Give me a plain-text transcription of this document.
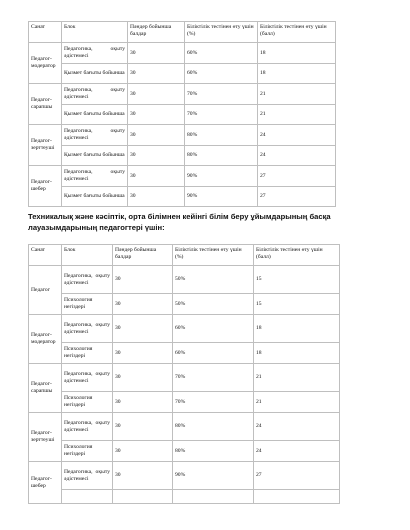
Санат	Блок	Пәндер бойынша балдар	Біліктілік тестінен өту үшін (%)	Біліктілік тестінен өту үшін (балл)
Педагог-модератор	Педагогика, оқыту әдістемесі	30	60%	18
	Қызмет бағыты бойынша	30	60%	18
Педагог-сарапшы	Педагогика, оқыту әдістемесі	30	70%	21
	Қызмет бағыты бойынша	30	70%	21
Педагог-зерттеуші	Педагогика, оқыту әдістемесі	30	80%	24
	Қызмет бағыты бойынша	30	80%	24
Педагог-шебер	Педагогика, оқыту әдістемесі	30	90%	27
	Қызмет бағыты бойынша	30	90%	27
Техникалық және кәсіптік, орта білімнен кейінгі білім беру ұйымдарының басқа лауазымдарының педагогтері үшін:
Санат	Блок	Пәндер бойынша балдар	Біліктілік тестінен өту үшін (%)	Біліктілік тестінен өту үшін (балл)
Педагог	Педагогика, оқыту әдістемесі	30	50%	15
	Психология негіздері	30	50%	15
Педагог-модератор	Педагогика, оқыту әдістемесі	30	60%	18
	Психология негіздері	30	60%	18
Педагог-сарапшы	Педагогика, оқыту әдістемесі	30	70%	21
	Психология негіздері	30	70%	21
Педагог-зерттеуші	Педагогика, оқыту әдістемесі	30	80%	24
	Психология негіздері	30	80%	24
Педагог-шебер	Педагогика, оқыту әдістемесі	30	90%	27
